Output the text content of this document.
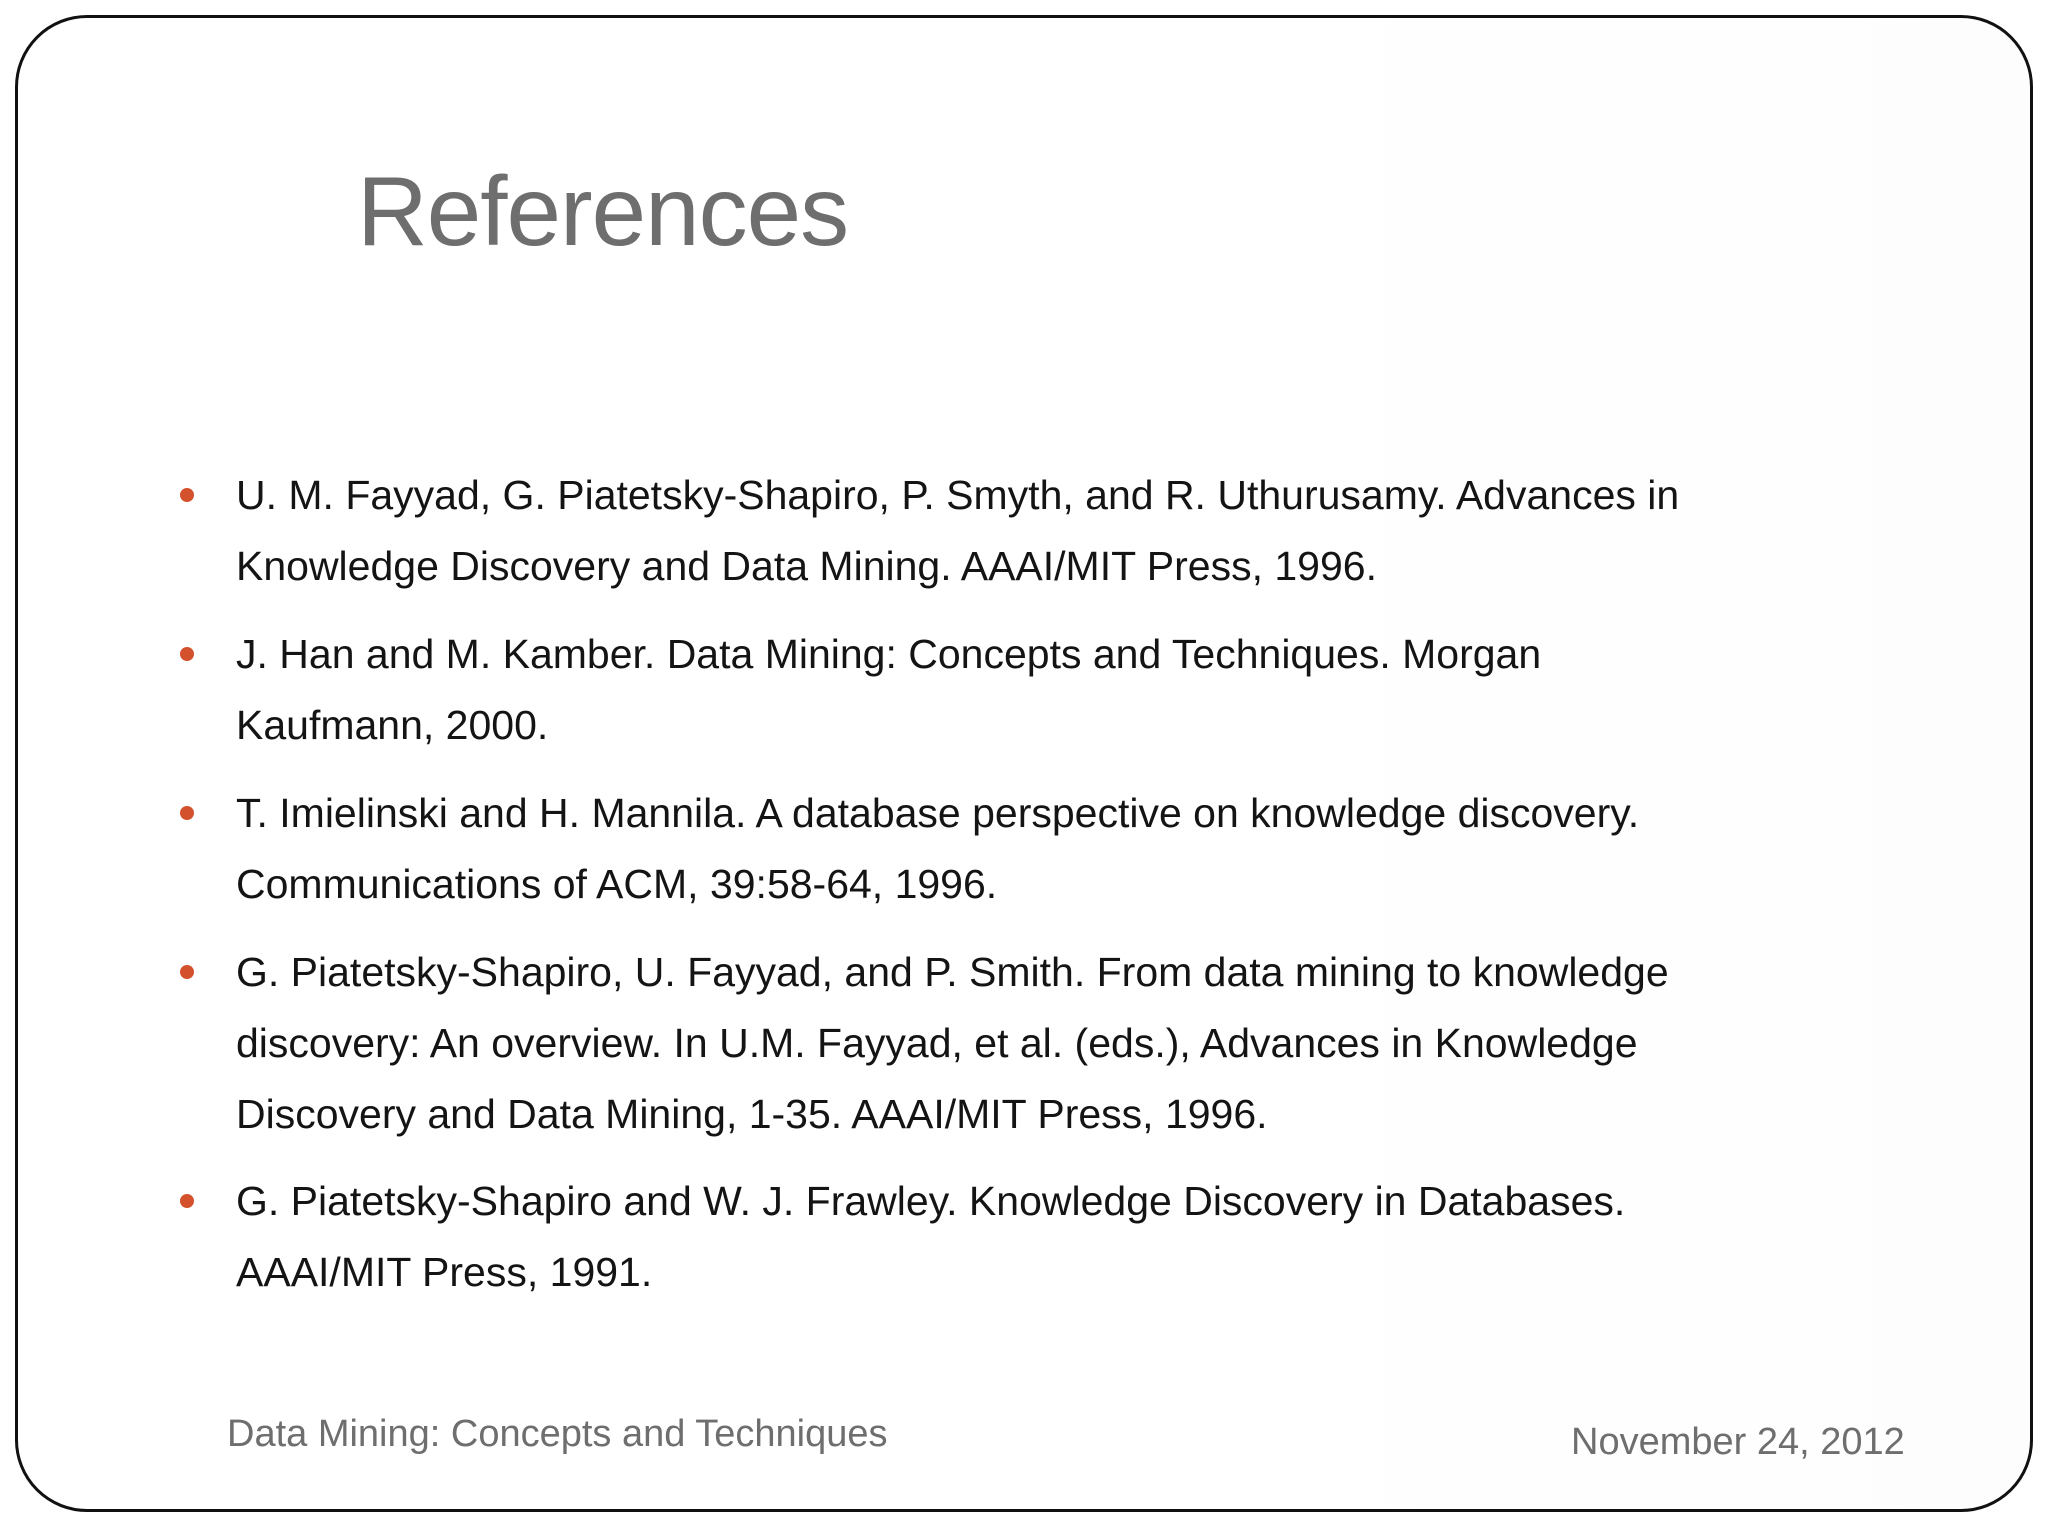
References
U. M. Fayyad, G. Piatetsky-Shapiro, P. Smyth, and R. Uthurusamy. Advances in
Knowledge Discovery and Data Mining. AAAI/MIT Press, 1996.
J. Han and M. Kamber. Data Mining: Concepts and Techniques. Morgan
Kaufmann, 2000.
T. Imielinski and H. Mannila. A database perspective on knowledge discovery.
Communications of ACM, 39:58-64, 1996.
G. Piatetsky-Shapiro, U. Fayyad, and P. Smith. From data mining to knowledge
discovery: An overview. In U.M. Fayyad, et al. (eds.), Advances in Knowledge
Discovery and Data Mining, 1-35. AAAI/MIT Press, 1996.
G. Piatetsky-Shapiro and W. J. Frawley. Knowledge Discovery in Databases.
AAAI/MIT Press, 1991.
Data Mining: Concepts and Techniques	November 24, 2012
